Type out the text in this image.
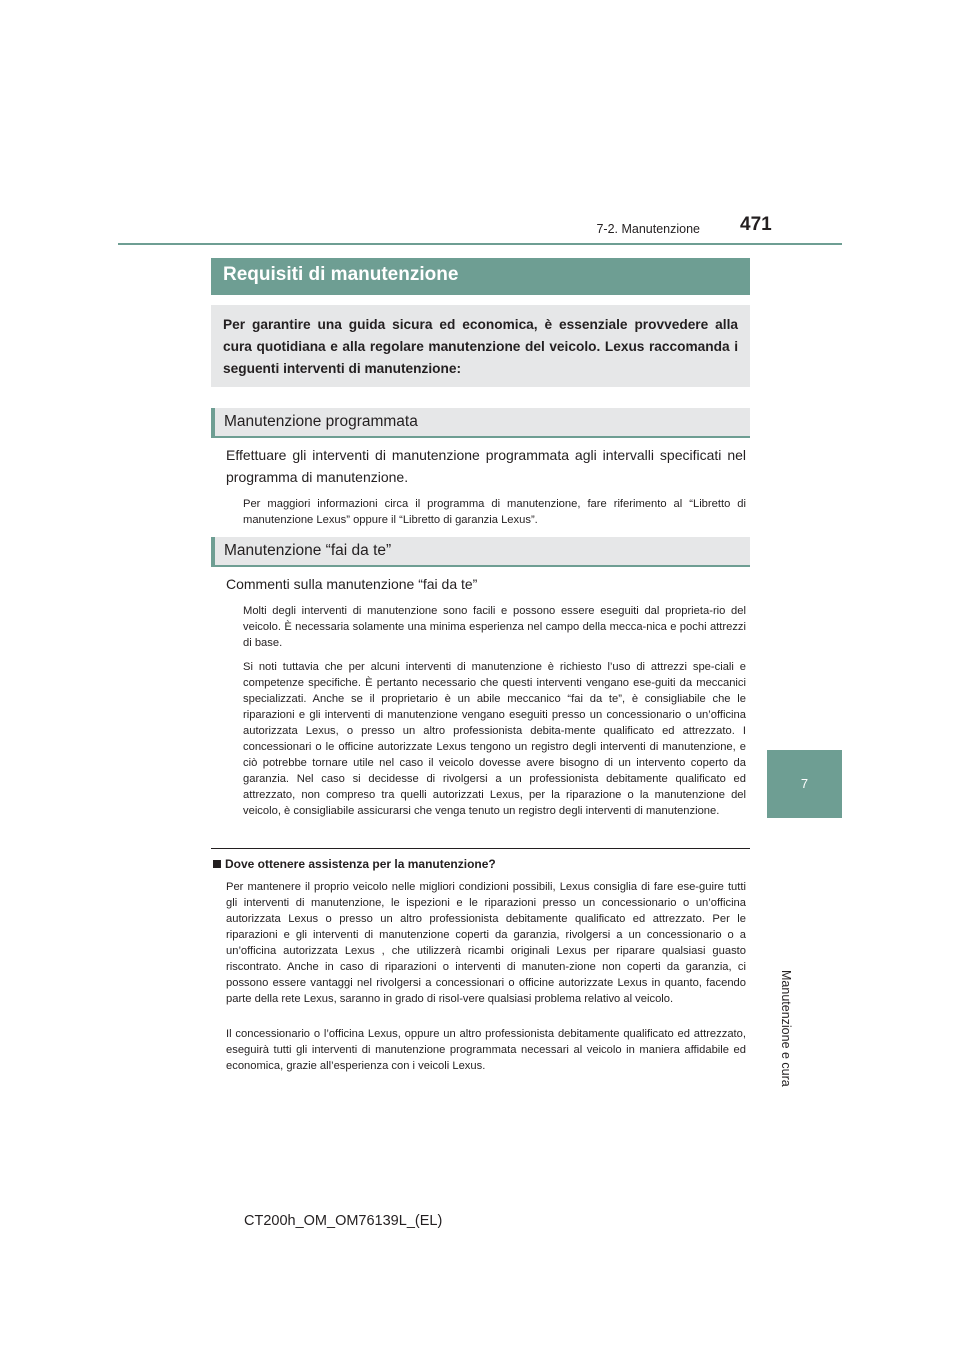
471
7-2. Manutenzione
7
Manutenzione e cura
Requisiti di manutenzione
Per garantire una guida sicura ed economica, è essenziale provvedere alla cura quotidiana e alla regolare manutenzione del veicolo. Lexus raccomanda i seguenti interventi di manutenzione:
Manutenzione programmata

Effettuare gli interventi di manutenzione programmata agli intervalli specificati nel programma di manutenzione.

Per maggiori informazioni circa il programma di manutenzione, fare riferimento al “Libretto di manutenzione Lexus” oppure il “Libretto di garanzia Lexus”.

Manutenzione “fai da te”

Commenti sulla manutenzione “fai da te”

Molti degli interventi di manutenzione sono facili e possono essere eseguiti dal proprieta-rio del veicolo. È necessaria solamente una minima esperienza nel campo della mecca-nica e pochi attrezzi di base.

Si noti tuttavia che per alcuni interventi di manutenzione è richiesto l’uso di attrezzi spe-ciali e competenze specifiche. È pertanto necessario che questi interventi vengano ese-guiti da meccanici specializzati. Anche se il proprietario è un abile meccanico “fai da te”, è consigliabile che le riparazioni e gli interventi di manutenzione vengano eseguiti presso un concessionario o un’officina autorizzata Lexus, o presso un altro professionista debita-mente qualificato ed attrezzato. I concessionari o le officine autorizzate Lexus tengono un registro degli interventi di manutenzione, e ciò potrebbe tornare utile nel caso il veicolo dovesse avere bisogno di un intervento coperto da garanzia. Nel caso si decidesse di rivolgersi a un professionista debitamente qualificato ed attrezzato, non compreso tra quelli autorizzati Lexus, per la riparazione o la manutenzione del veicolo, è consigliabile assicurarsi che venga tenuto un registro degli interventi di manutenzione.

Dove ottenere assistenza per la manutenzione?

Per mantenere il proprio veicolo nelle migliori condizioni possibili, Lexus consiglia di fare ese-guire tutti gli interventi di manutenzione, le ispezioni e le riparazioni presso un concessionario o un’officina autorizzata Lexus o presso un altro professionista debitamente qualificato ed attrezzato. Per le riparazioni e gli interventi di manutenzione coperti da garanzia, rivolgersi a un concessionario o a un’officina autorizzata Lexus , che utilizzerà ricambi originali Lexus per riparare qualsiasi guasto riscontrato. Anche in caso di riparazioni o interventi di manuten-zione non coperti da garanzia, ci possono essere vantaggi nel rivolgersi a concessionari o officine autorizzate Lexus in quanto, facendo parte della rete Lexus, saranno in grado di risol-vere qualsiasi problema relativo al veicolo.

Il concessionario o l’officina Lexus, oppure un altro professionista debitamente qualificato ed attrezzato, eseguirà tutti gli interventi di manutenzione programmata necessari al veicolo in maniera affidabile ed economica, grazie all’esperienza con i veicoli Lexus.

CT200h_OM_OM76139L_(EL)
